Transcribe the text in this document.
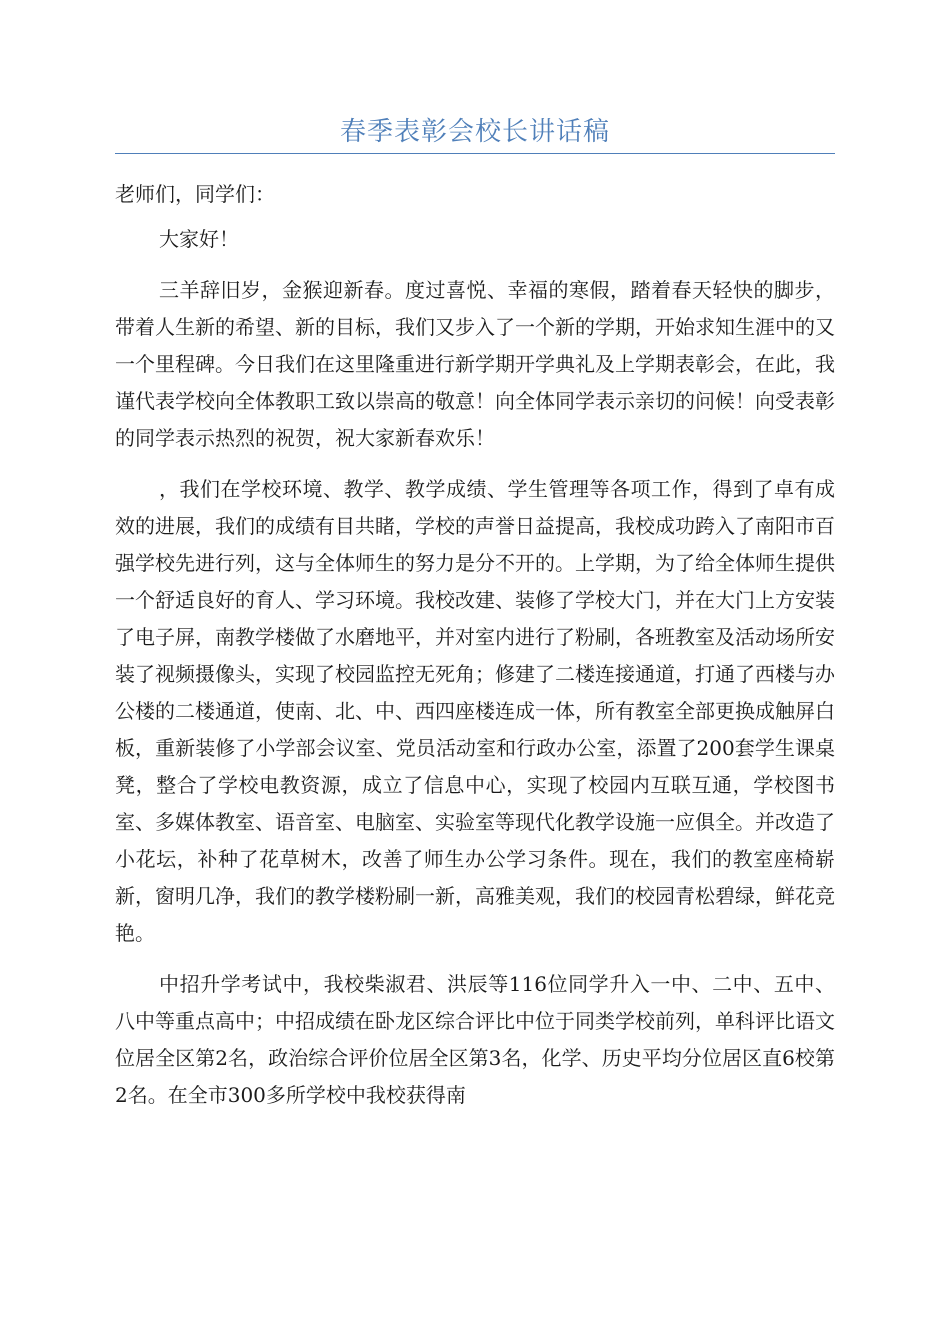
春季表彰会校长讲话稿

老师们，同学们：

大家好！

三羊辞旧岁，金猴迎新春。度过喜悦、幸福的寒假，踏着春天轻快的脚步，带着人生新的希望、新的目标，我们又步入了一个新的学期，开始求知生涯中的又一个里程碑。今日我们在这里隆重进行新学期开学典礼及上学期表彰会，在此，我谨代表学校向全体教职工致以崇高的敬意！向全体同学表示亲切的问候！向受表彰的同学表示热烈的祝贺，祝大家新春欢乐！

，我们在学校环境、教学、教学成绩、学生管理等各项工作，得到了卓有成效的进展，我们的成绩有目共睹，学校的声誉日益提高，我校成功跨入了南阳市百强学校先进行列，这与全体师生的努力是分不开的。上学期，为了给全体师生提供一个舒适良好的育人、学习环境。我校改建、装修了学校大门，并在大门上方安装了电子屏，南教学楼做了水磨地平，并对室内进行了粉刷，各班教室及活动场所安装了视频摄像头，实现了校园监控无死角；修建了二楼连接通道，打通了西楼与办公楼的二楼通道，使南、北、中、西四座楼连成一体，所有教室全部更换成触屏白板，重新装修了小学部会议室、党员活动室和行政办公室，添置了200套学生课桌凳，整合了学校电教资源，成立了信息中心，实现了校园内互联互通，学校图书室、多媒体教室、语音室、电脑室、实验室等现代化教学设施一应俱全。并改造了小花坛，补种了花草树木，改善了师生办公学习条件。现在，我们的教室座椅崭新，窗明几净，我们的教学楼粉刷一新，高雅美观，我们的校园青松碧绿，鲜花竞艳。

中招升学考试中，我校柴淑君、洪辰等116位同学升入一中、二中、五中、八中等重点高中；中招成绩在卧龙区综合评比中位于同类学校前列，单科评比语文位居全区第2名，政治综合评价位居全区第3名，化学、历史平均分位居区直6校第2名。在全市300多所学校中我校获得南
